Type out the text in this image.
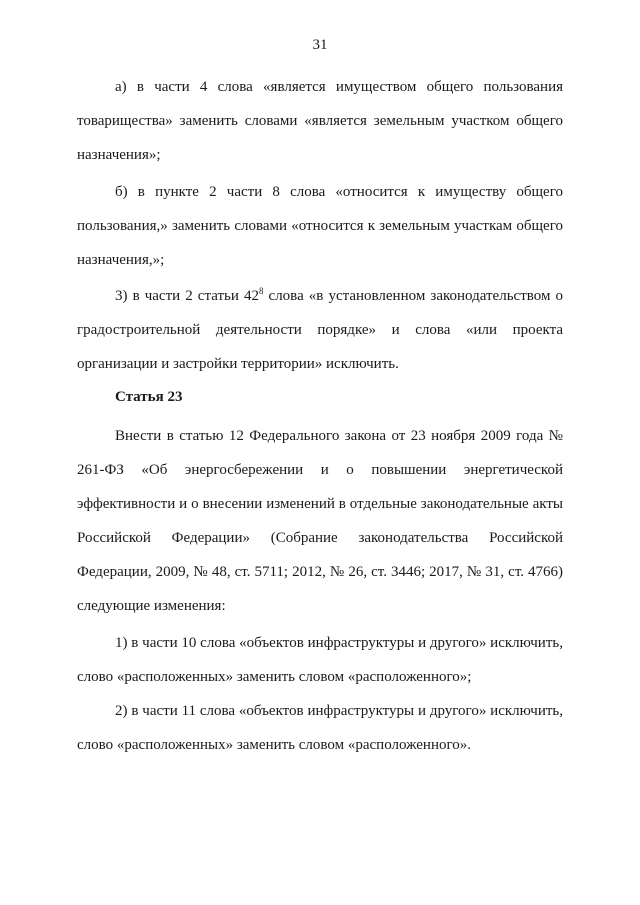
31

а) в части 4 слова «является имуществом общего пользования товарищества» заменить словами «является земельным участком общего назначения»;

б) в пункте 2 части 8 слова «относится к имуществу общего пользования,» заменить словами «относится к земельным участкам общего назначения,»;

3) в части 2 статьи $42^8$ слова «в установленном законодательством о градостроительной деятельности порядке» и слова «или проекта организации и застройки территории» исключить.

Статья 23

Внести в статью 12 Федерального закона от 23 ноября 2009 года № 261-ФЗ «Об энергосбережении и о повышении энергетической эффективности и о внесении изменений в отдельные законодательные акты Российской Федерации» (Собрание законодательства Российской Федерации, 2009, № 48, ст. 5711; 2012, № 26, ст. 3446; 2017, № 31, ст. 4766) следующие изменения:

1) в части 10 слова «объектов инфраструктуры и другого» исключить, слово «расположенных» заменить словом «расположенного»;

2) в части 11 слова «объектов инфраструктуры и другого» исключить, слово «расположенных» заменить словом «расположенного».
